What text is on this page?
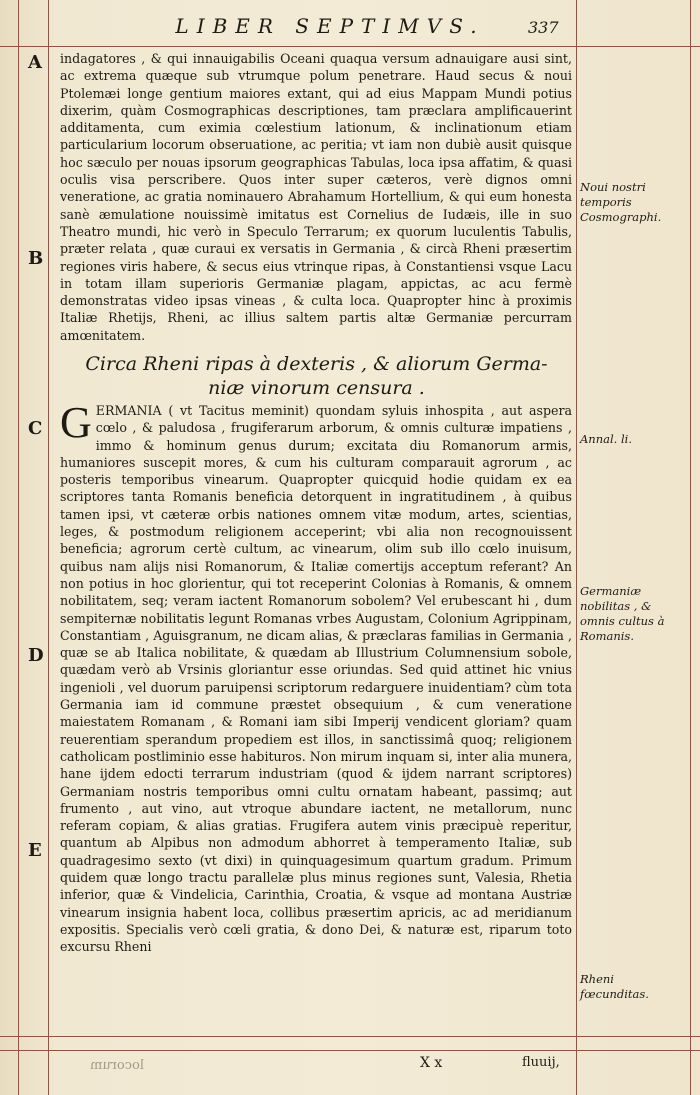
LIBER SEPTIMVS.	337
A
B
C
D
E

indagatores , & qui innauigabilis Oceani quaqua versum adnauigare ausi sint, ac extrema quæque sub vtrumque polum penetrare. Haud secus & noui Ptolemæi longe gentium maiores extant, qui ad eius Mappam Mundi potius dixerim, quàm Cosmographicas descriptiones, tam præclara amplificauerint additamenta, cum eximia cœlestium lationum, & inclinationum etiam particularium locorum obseruatione, ac peritia; vt iam non dubiè ausit quisque hoc sæculo per nouas ipsorum geographicas Tabulas, loca ipsa affatim, & quasi oculis visa perscribere. Quos inter super cæteros, verè dignos omni veneratione, ac gratia nominauero Abrahamum Hortellium, & qui eum honesta sanè æmulatione nouissimè imitatus est Cornelius de Iudæis, ille in suo Theatro mundi, hic verò in Speculo Terrarum; ex quorum luculentis Tabulis, præter relata , quæ curaui ex versatis in Germania , & circà Rheni præsertim regiones viris habere, & secus eius vtrinque ripas, à Constantiensi vsque Lacu in totam illam superioris Germaniæ plagam, appictas, ac acu fermè demonstratas video ipsas vineas , & culta loca. Quapropter hinc à proximis Italiæ Rhetijs, Rheni, ac illius saltem partis altæ Germaniæ percurram amœnitatem.

Circa Rheni ripas à dexteris , & aliorum Germa-
niæ vinorum censura .
G ERMANIA ( vt Tacitus meminit) quondam syluis inhospita , aut aspera cœlo , & paludosa , frugiferarum arborum, & omnis culturæ impatiens , immo & hominum genus durum; excitata diu Romanorum armis, humaniores suscepit mores, & cum his culturam comparauit agrorum , ac posteris temporibus vinearum. Quapropter quicquid hodie quidam ex ea scriptores tanta Romanis beneficia detorquent in ingratitudinem , à quibus tamen ipsi, vt cæteræ orbis nationes omnem vitæ modum, artes, scientias, leges, & postmodum religionem acceperint; vbi alia non recognouissent beneficia; agrorum certè cultum, ac vinearum, olim sub illo cœlo inuisum, quibus nam alijs nisi Romanorum, & Italiæ comertijs acceptum referant? An non potius in hoc glorientur, qui tot receperint Colonias à Romanis, & omnem nobilitatem, seq; veram iactent Romanorum sobolem? Vel erubescant hi , dum sempiternæ nobilitatis legunt Romanas vrbes Augustam, Colonium Agrippinam, Constantiam , Aguisgranum, ne dicam alias, & præclaras familias in Germania , quæ se ab Italica nobilitate, & quædam ab Illustrium Columnensium sobole, quædam verò ab Vrsinis gloriantur esse oriundas. Sed quid attinet hic vnius ingenioli , vel duorum paruipensi scriptorum redarguere inuidentiam? cùm tota Germania iam id commune præstet obsequium , & cum veneratione maiestatem Romanam , & Romani iam sibi Imperij vendicent gloriam? quam reuerentiam sperandum propediem est illos, in sanctissimâ quoq; religionem catholicam postliminio esse habituros. Non mirum inquam si, inter alia munera, hane ijdem edocti terrarum industriam (quod & ijdem narrant scriptores) Germaniam nostris temporibus omni cultu ornatam habeant, passimq; aut frumento , aut vino, aut vtroque abundare iactent, ne metallorum, nunc referam copiam, & alias gratias. Frugifera autem vinis præcipuè reperitur, quantum ab Alpibus non admodum abhorret à temperamento Italiæ, sub quadragesimo sexto (vt dixi) in quinquagesimum quartum gradum. Primum quidem quæ longo tractu parallelæ plus minus regiones sunt, Valesia, Rhetia inferior, quæ & Vindelicia, Carinthia, Croatia, & vsque ad montana Austriæ vinearum insignia habent loca, collibus præsertim apricis, ac ad meridianum expositis. Specialis verò cœli gratia, & dono Dei, & naturæ est, riparum toto excursu Rheni

Noui nostri temporis Cosmographi.
Annal. li.
Germaniæ nobilitas , & omnis cultus à Romanis.
Rheni fœcunditas.
locorum	X x	fluuij,
